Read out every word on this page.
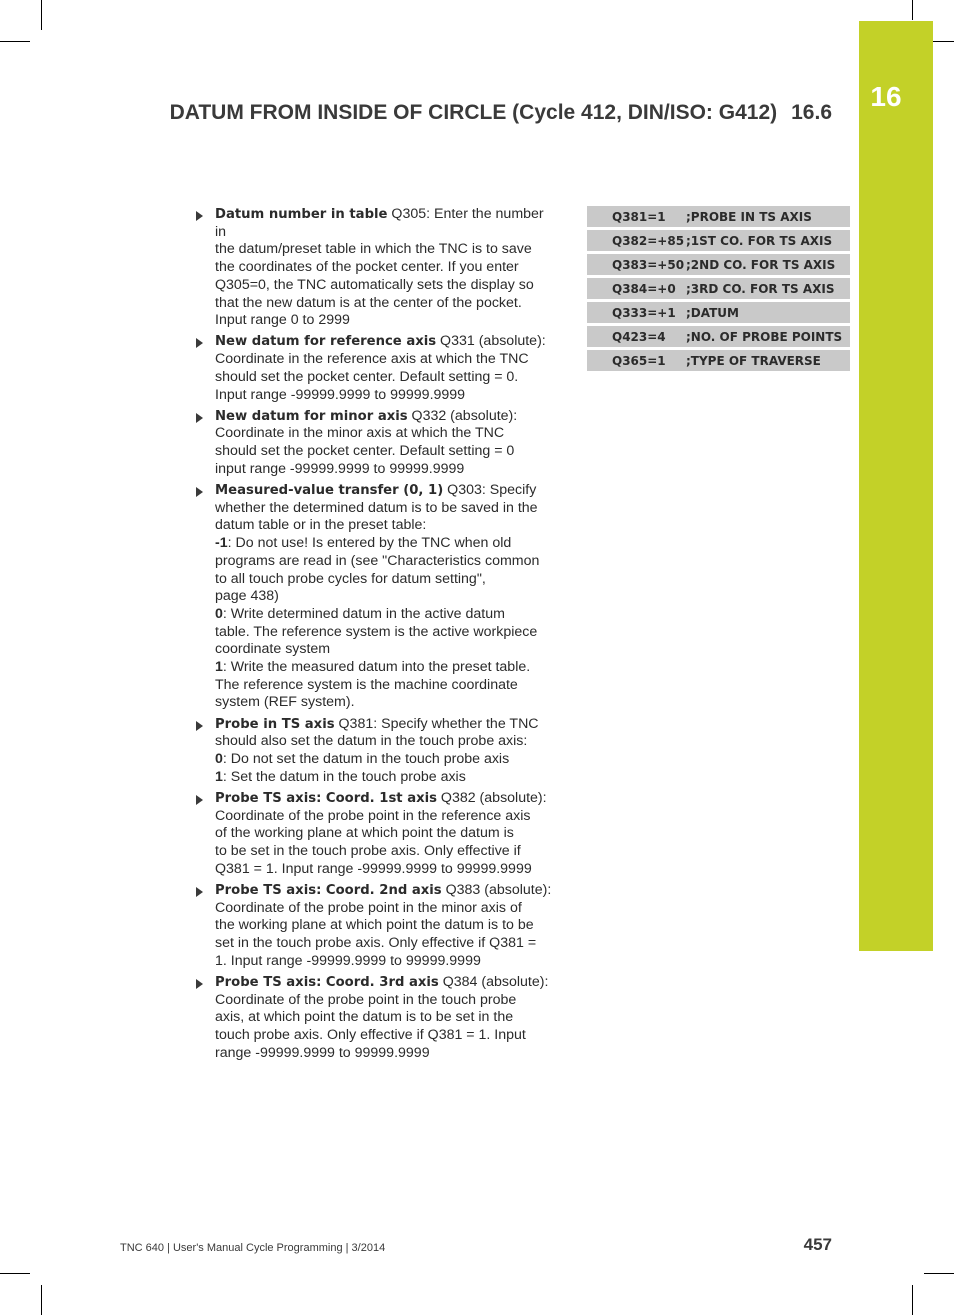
16
DATUM FROM INSIDE OF CIRCLE (Cycle 412, DIN/ISO: G412) 16.6
Datum number in table Q305: Enter the number in
the datum/preset table in which the TNC is to save
the coordinates of the pocket center. If you enter
Q305=0, the TNC automatically sets the display so
that the new datum is at the center of the pocket.
Input range 0 to 2999
New datum for reference axis Q331 (absolute):
Coordinate in the reference axis at which the TNC
should set the pocket center. Default setting = 0.
Input range -99999.9999 to 99999.9999
New datum for minor axis Q332 (absolute):
Coordinate in the minor axis at which the TNC
should set the pocket center. Default setting = 0
input range -99999.9999 to 99999.9999
Measured-value transfer (0, 1) Q303: Specify
whether the determined datum is to be saved in the
datum table or in the preset table:
-1: Do not use! Is entered by the TNC when old
programs are read in (see "Characteristics common
to all touch probe cycles for datum setting",
page 438)
0: Write determined datum in the active datum
table. The reference system is the active workpiece
coordinate system
1: Write the measured datum into the preset table.
The reference system is the machine coordinate
system (REF system).
Probe in TS axis Q381: Specify whether the TNC
should also set the datum in the touch probe axis:
0: Do not set the datum in the touch probe axis
1: Set the datum in the touch probe axis
Probe TS axis: Coord. 1st axis Q382 (absolute):
Coordinate of the probe point in the reference axis
of the working plane at which point the datum is
to be set in the touch probe axis. Only effective if
Q381 = 1. Input range -99999.9999 to 99999.9999
Probe TS axis: Coord. 2nd axis Q383 (absolute):
Coordinate of the probe point in the minor axis of
the working plane at which point the datum is to be
set in the touch probe axis. Only effective if Q381 =
1. Input range -99999.9999 to 99999.9999
Probe TS axis: Coord. 3rd axis Q384 (absolute):
Coordinate of the probe point in the touch probe
axis, at which point the datum is to be set in the
touch probe axis. Only effective if Q381 = 1. Input
range -99999.9999 to 99999.9999
Q381=1	;PROBE IN TS AXIS
Q382=+85	;1ST CO. FOR TS AXIS
Q383=+50	;2ND CO. FOR TS AXIS
Q384=+0	;3RD CO. FOR TS AXIS
Q333=+1	;DATUM
Q423=4	;NO. OF PROBE POINTS
Q365=1	;TYPE OF TRAVERSE
TNC 640 | User's Manual Cycle Programming | 3/2014	457
